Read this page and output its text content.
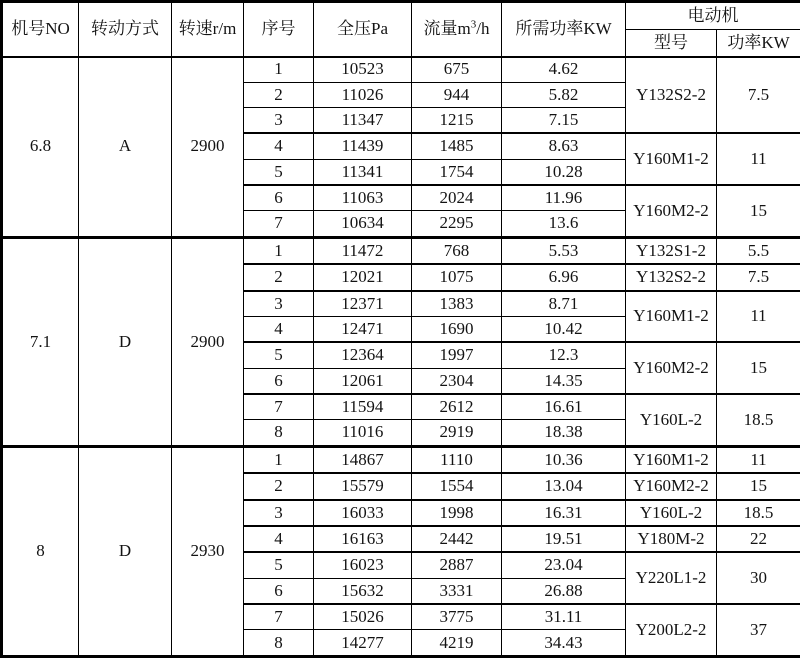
机号NO	转动方式	转速r/m	序号	全压Pa	流量$m^3/h$	所需功率KW	电动机	
							型号	功率KW
6.8	A	2900	1	10523	675	4.62	Y132S2-2	7.5
			2	11026	944	5.82		
			3	11347	1215	7.15		
			4	11439	1485	8.63	Y160M1-2	11
			5	11341	1754	10.28		
			6	11063	2024	11.96	Y160M2-2	15
			7	10634	2295	13.6		
7.1	D	2900	1	11472	768	5.53	Y132S1-2	5.5
			2	12021	1075	6.96	Y132S2-2	7.5
			3	12371	1383	8.71	Y160M1-2	11
			4	12471	1690	10.42		
			5	12364	1997	12.3	Y160M2-2	15
			6	12061	2304	14.35		
			7	11594	2612	16.61	Y160L-2	18.5
			8	11016	2919	18.38		
8	D	2930	1	14867	1110	10.36	Y160M1-2	11
			2	15579	1554	13.04	Y160M2-2	15
			3	16033	1998	16.31	Y160L-2	18.5
			4	16163	2442	19.51	Y180M-2	22
			5	16023	2887	23.04	Y220L1-2	30
			6	15632	3331	26.88		
			7	15026	3775	31.11	Y200L2-2	37
			8	14277	4219	34.43		
